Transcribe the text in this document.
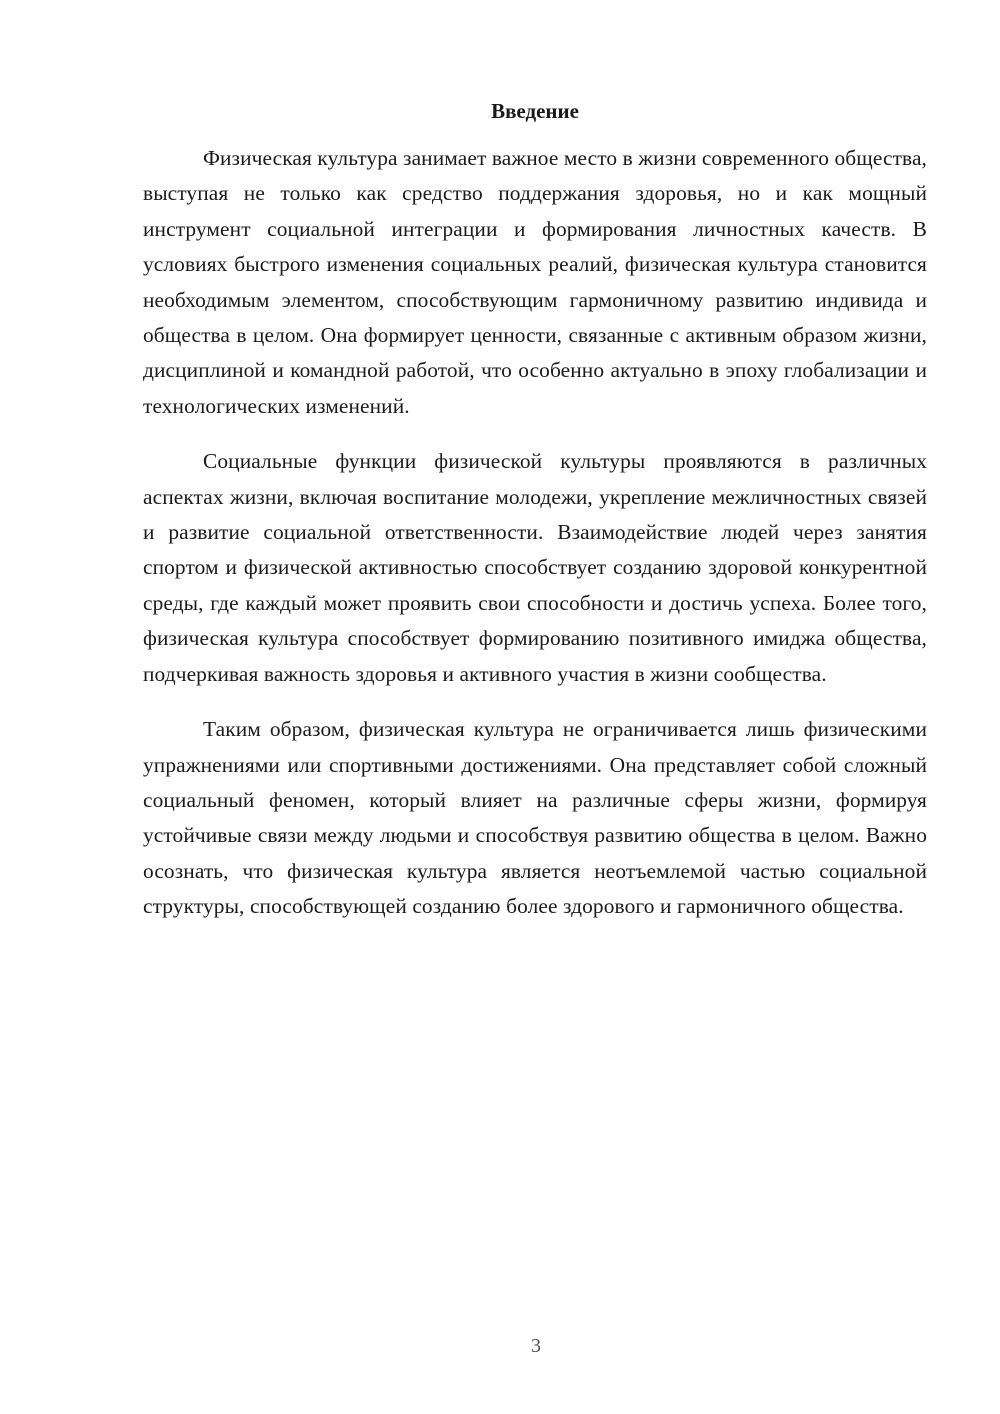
Введение

Физическая культура занимает важное место в жизни современного общества, выступая не только как средство поддержания здоровья, но и как мощный инструмент социальной интеграции и формирования личностных качеств. В условиях быстрого изменения социальных реалий, физическая культура становится необходимым элементом, способствующим гармоничному развитию индивида и общества в целом. Она формирует ценности, связанные с активным образом жизни, дисциплиной и командной работой, что особенно актуально в эпоху глобализации и технологических изменений.

Социальные функции физической культуры проявляются в различных аспектах жизни, включая воспитание молодежи, укрепление межличностных связей и развитие социальной ответственности. Взаимодействие людей через занятия спортом и физической активностью способствует созданию здоровой конкурентной среды, где каждый может проявить свои способности и достичь успеха. Более того, физическая культура способствует формированию позитивного имиджа общества, подчеркивая важность здоровья и активного участия в жизни сообщества.

Таким образом, физическая культура не ограничивается лишь физическими упражнениями или спортивными достижениями. Она представляет собой сложный социальный феномен, который влияет на различные сферы жизни, формируя устойчивые связи между людьми и способствуя развитию общества в целом. Важно осознать, что физическая культура является неотъемлемой частью социальной структуры, способствующей созданию более здорового и гармоничного общества.

3
